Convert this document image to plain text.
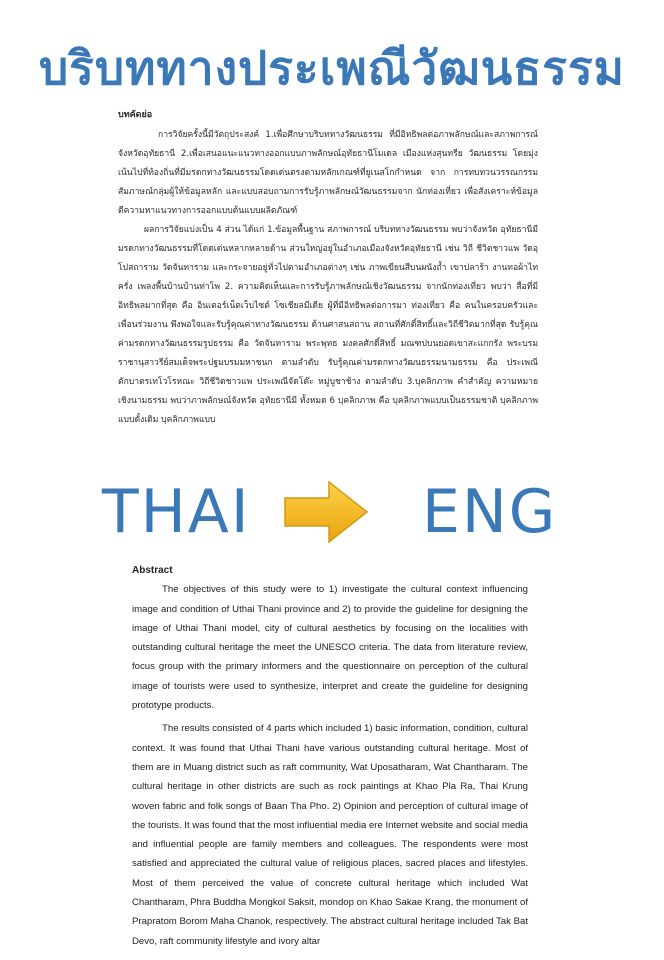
บริบททางประเพณีวัฒนธรรม
บทคัดย่อ

การวิจัยครั้งนี้มีวัตถุประสงค์ 1.เพื่อศึกษาบริบททางวัฒนธรรม ที่มีอิทธิพลต่อภาพลักษณ์และสภาพการณ์ จังหวัดอุทัยธานี 2.เพื่อเสนอแนะแนวทางออกแบบภาพลักษณ์อุทัยธานีโมเดล เมืองแห่งสุนทรีย วัฒนธรรม โดยมุ่งเน้นไปที่ท้องถิ่นที่มีมรดกทางวัฒนธรรมโดดเด่นตรงตามหลักเกณฑ์ที่ยูเนสโกกำหนด จาก การทบทวนวรรณกรรม สัมภาษณ์กลุ่มผู้ให้ข้อมูลหลัก และแบบสอบถามการรับรู้ภาพลักษณ์วัฒนธรรมจาก นักท่องเที่ยว เพื่อสังเคราะห์ข้อมูลตีความหาแนวทางการออกแบบต้นแบบผลิตภัณฑ์

ผลการวิจัยแบ่งเป็น 4 ส่วน ได้แก่ 1.ข้อมูลพื้นฐาน สภาพการณ์ บริบททางวัฒนธรรม พบว่าจังหวัด อุทัยธานีมีมรดกทางวัฒนธรรมที่โดดเด่นหลากหลายด้าน ส่วนใหญ่อยู่ในอำเภอเมืองจังหวัดอุทัยธานี เช่น วิถี ชีวิตชาวแพ วัดอุโปสถาราม วัดจันทาราม และกระจายอยู่ทั่วไปตามอำเภอต่างๆ เช่น ภาพเขียนสีบนผนังถ้ำ เขาปลาร้า งานทอผ้าไทครั่ง เพลงพื้นบ้านบ้านท่าโพ 2. ความคิดเห็นและการรับรู้ภาพลักษณ์เชิงวัฒนธรรม จากนักท่องเที่ยว พบว่า สื่อที่มีอิทธิพลมากที่สุด คือ อินเตอร์เน็ตเว็บไซต์ โซเชียลมีเดีย ผู้ที่มีอิทธิพลต่อการมา ท่องเที่ยว คือ คนในครอบครัวและเพื่อนร่วมงาน พึงพอใจและรับรู้คุณค่าทางวัฒนธรรม ด้านศาสนสถาน สถานที่ศักดิ์สิทธิ์และวิถีชีวิตมากที่สุด รับรู้คุณค่ามรดกทางวัฒนธรรมรูปธรรม คือ วัดจันทาราม พระพุทธ มงคลศักดิ์สิทธิ์ มณฑปบนยอดเขาสะแกกรัง พระบรมราชานุสาวรีย์สมเด็จพระปฐมบรมมหาชนก ตามลำดับ รับรู้คุณค่ามรดกทางวัฒนธรรมนามธรรม คือ ประเพณีตักบาตรเทโวโรหณะ วิถีชีวิตชาวแพ ประเพณีจัดโต๊ะ หมู่บูชาช้าง ตามลำดับ 3.บุคลิกภาพ คำสำคัญ ความหมายเชิงนามธรรม พบว่าภาพลักษณ์จังหวัด อุทัยธานีมี ทั้งหมด 6 บุคลิกภาพ คือ บุคลิกภาพแบบเป็นธรรมชาติ บุคลิกภาพแบบดั้งเดิม บุคลิกภาพแบบ

THAI	ENG
Abstract

The objectives of this study were to 1) investigate the cultural context influencing image and condition of Uthai Thani province and 2) to provide the guideline for designing the image of Uthai Thani model, city of cultural aesthetics by focusing on the localities with outstanding cultural heritage the meet the UNESCO criteria. The data from literature review, focus group with the primary informers and the questionnaire on perception of the cultural image of tourists were used to synthesize, interpret and create the guideline for designing prototype products.

The results consisted of 4 parts which included 1) basic information, condition, cultural context. It was found that Uthai Thani have various outstanding cultural heritage. Most of them are in Muang district such as raft community, Wat Uposatharam, Wat Chantharam. The cultural heritage in other districts are such as rock paintings at Khao Pla Ra, Thai Krung woven fabric and folk songs of Baan Tha Pho. 2) Opinion and perception of cultural image of the tourists. It was found that the most influential media ere Internet website and social media and influential people are family members and colleagues. The respondents were most satisfied and appreciated the cultural value of religious places, sacred places and lifestyles. Most of them perceived the value of concrete cultural heritage which included Wat Chantharam, Phra Buddha Mongkol Saksit, mondop on Khao Sakae Krang, the monument of Prapratom Borom Maha Chanok, respectively. The abstract cultural heritage included Tak Bat Devo, raft community lifestyle and ivory altar
